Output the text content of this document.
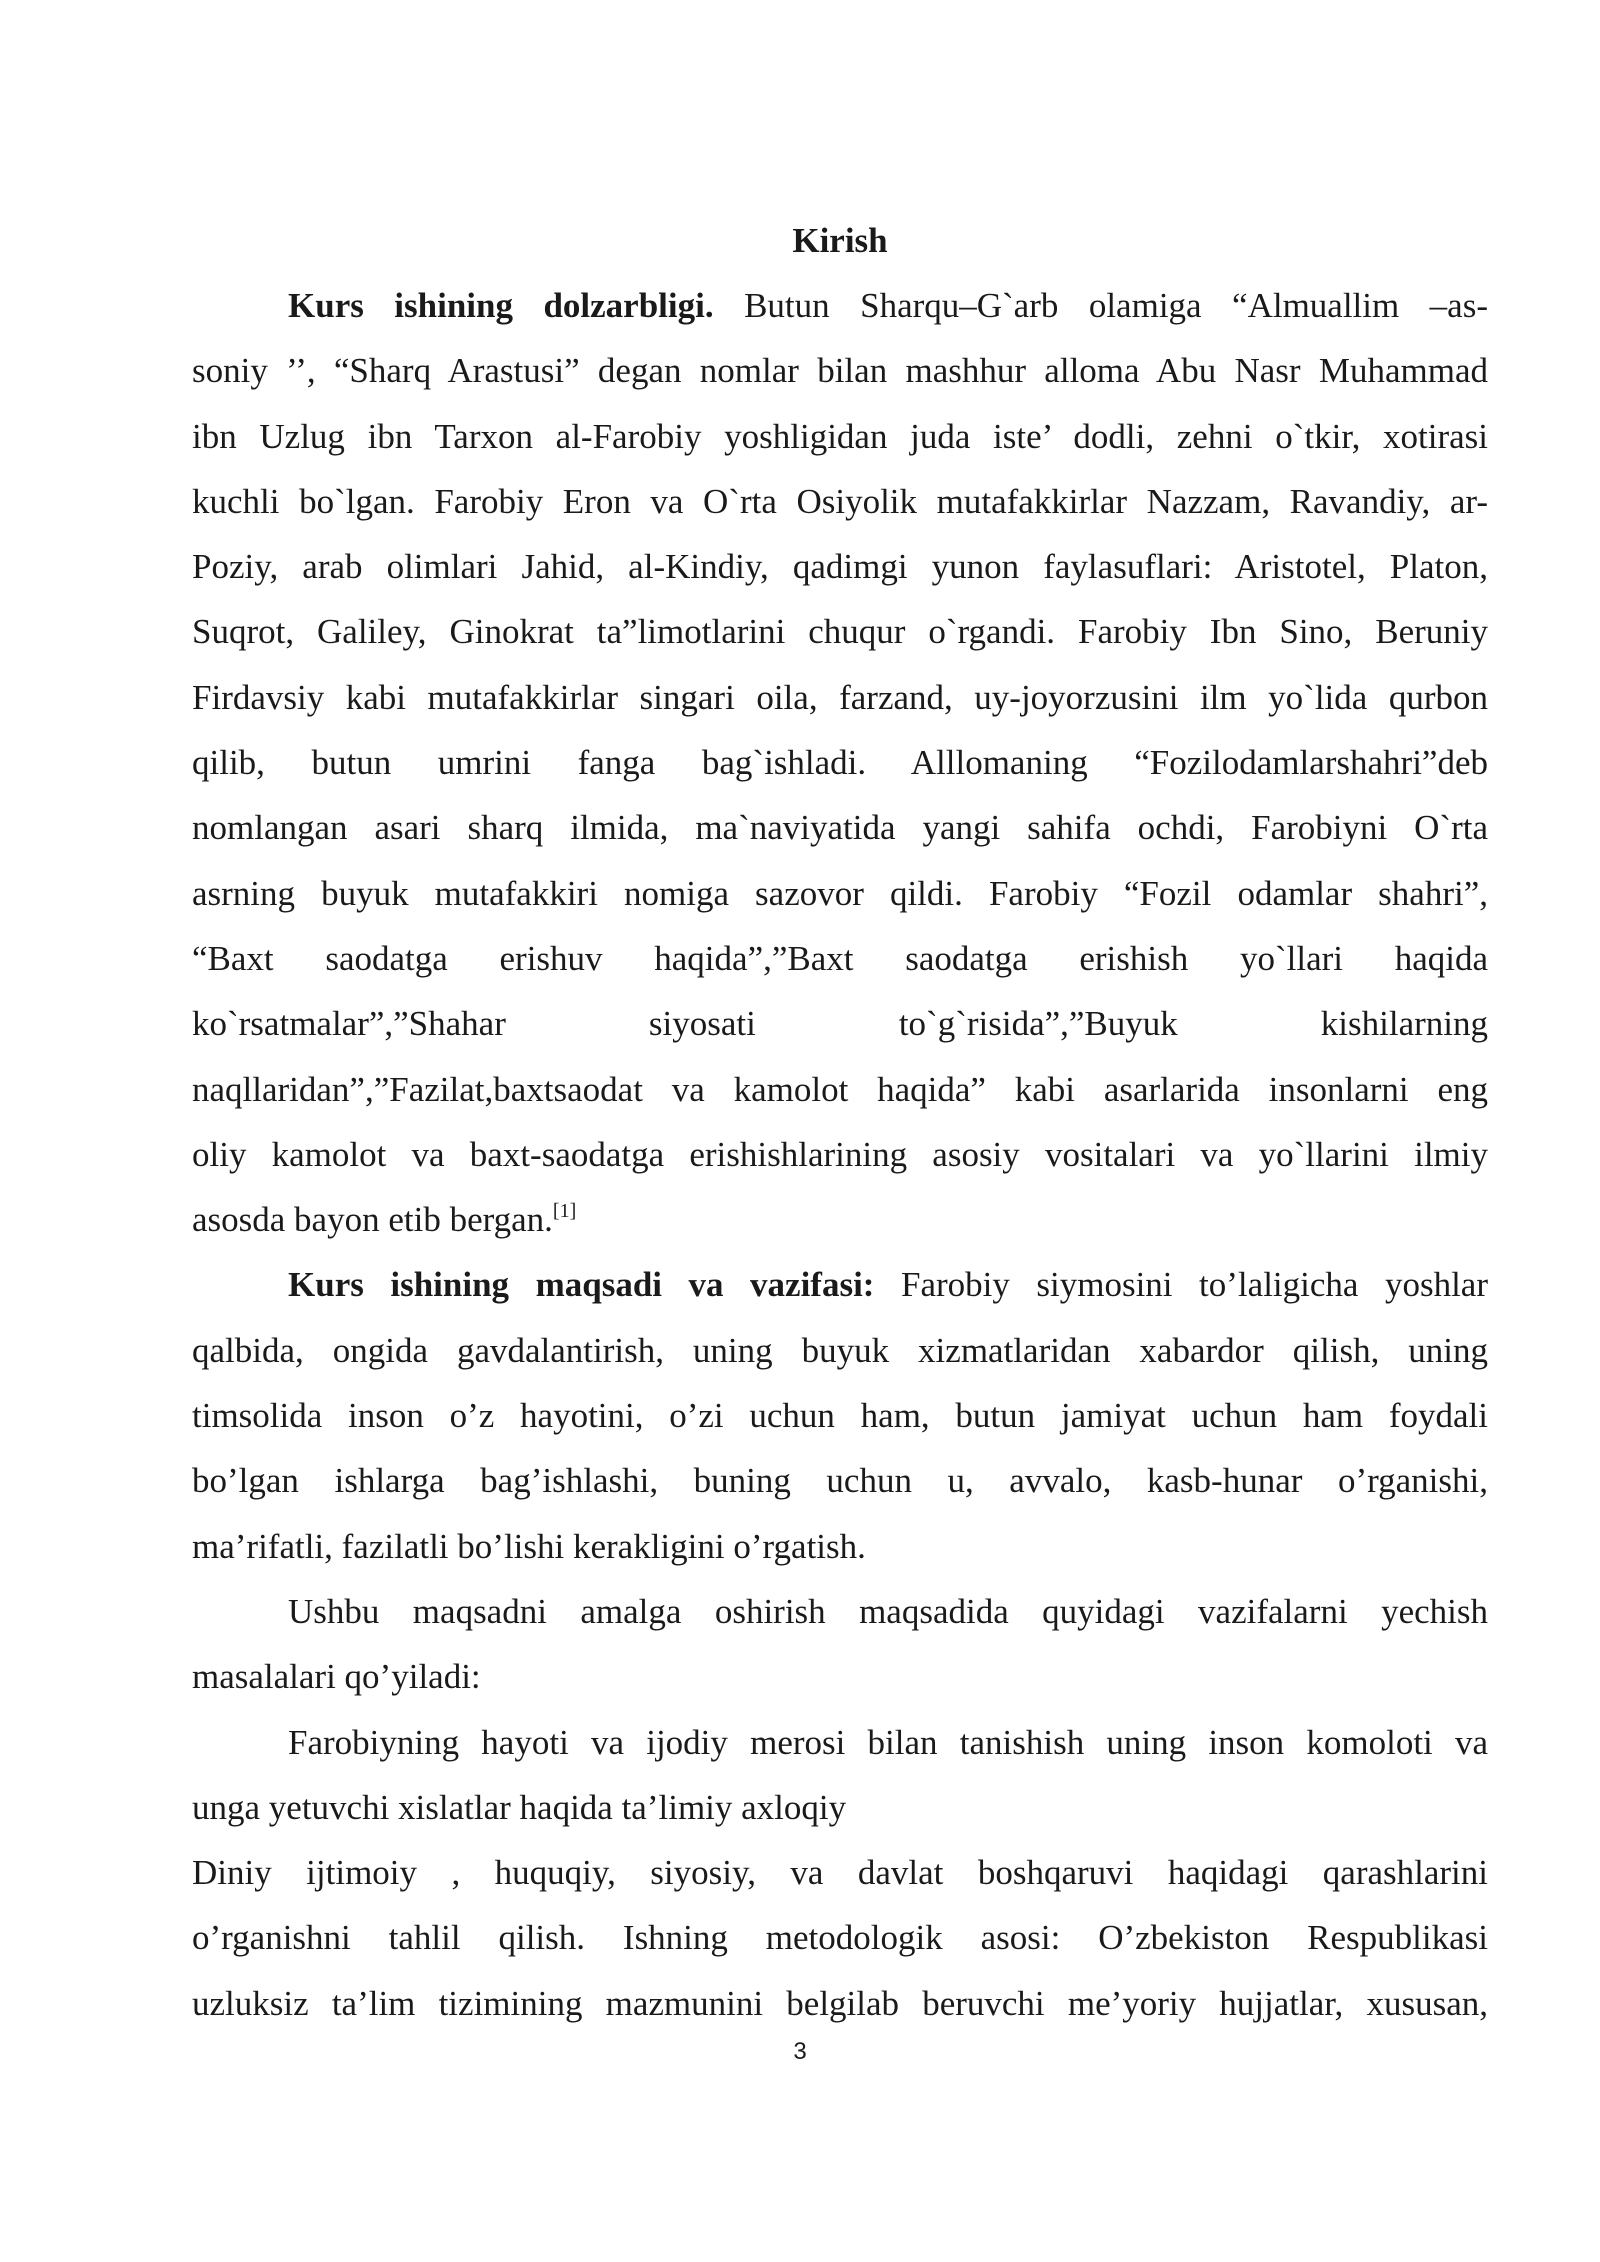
Kirish

Kurs ishining dolzarbligi. Butun Sharqu–G`arb olamiga “Almuallim –as-
soniy ’’, “Sharq Arastusi” degan nomlar bilan mashhur alloma Abu Nasr Muhammad
ibn Uzlug ibn Tarxon al-Farobiy yoshligidan juda iste’ dodli, zehni o`tkir, xotirasi
kuchli bo`lgan. Farobiy Eron va O`rta Osiyolik mutafakkirlar Nazzam, Ravandiy, ar-
Poziy, arab olimlari Jahid, al-Kindiy, qadimgi yunon faylasuflari: Aristotel, Platon,
Suqrot, Galiley, Ginokrat ta”limotlarini chuqur o`rgandi. Farobiy Ibn Sino, Beruniy
Firdavsiy kabi mutafakkirlar singari oila, farzand, uy-joyorzusini ilm yo`lida qurbon
qilib, butun umrini fanga bag`ishladi. Alllomaning “Fozilodamlarshahri”deb
nomlangan asari sharq ilmida, ma`naviyatida yangi sahifa ochdi, Farobiyni O`rta
asrning buyuk mutafakkiri nomiga sazovor qildi. Farobiy “Fozil odamlar shahri”,
“Baxt saodatga erishuv haqida”,”Baxt saodatga erishish yo`llari haqida
ko`rsatmalar”,”Shahar siyosati to`g`risida”,”Buyuk kishilarning
naqllaridan”,”Fazilat,baxtsaodat va kamolot haqida” kabi asarlarida insonlarni eng
oliy kamolot va baxt-saodatga erishishlarining asosiy vositalari va yo`llarini ilmiy
asosda bayon etib bergan.[1]

Kurs ishining maqsadi va vazifasi: Farobiy siymosini to’laligicha yoshlar
qalbida, ongida gavdalantirish, uning buyuk xizmatlaridan xabardor qilish, uning
timsolida inson o’z hayotini, o’zi uchun ham, butun jamiyat uchun ham foydali
bo’lgan ishlarga bag’ishlashi, buning uchun u, avvalo, kasb-hunar o’rganishi,
ma’rifatli, fazilatli bo’lishi kerakligini o’rgatish.

Ushbu maqsadni amalga oshirish maqsadida quyidagi vazifalarni yechish
masalalari qo’yiladi:

Farobiyning hayoti va ijodiy merosi bilan tanishish uning inson komoloti va
unga yetuvchi xislatlar haqida ta’limiy axloqiy

Diniy ijtimoiy , huquqiy, siyosiy, va davlat boshqaruvi haqidagi qarashlarini
o’rganishni tahlil qilish. Ishning metodologik asosi: O’zbekiston Respublikasi
uzluksiz ta’lim tizimining mazmunini belgilab beruvchi me’yoriy hujjatlar, xususan,

3
